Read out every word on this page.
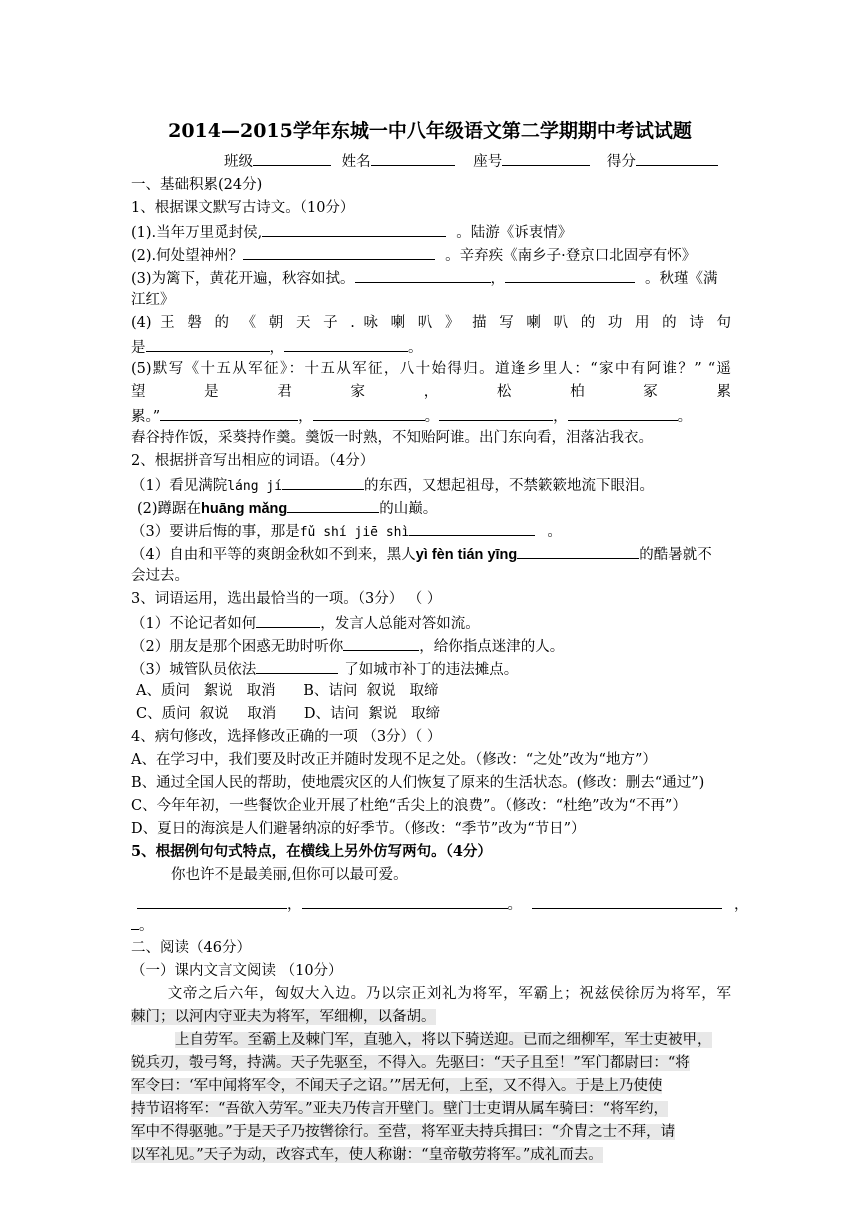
2014—2015学年东城一中八年级语文第二学期期中考试试题
班级	姓名	座号	得分
一、基础积累(24分)
1、根据课文默写古诗文。（10分）
(1).当年万里觅封侯,	。陆游《诉衷情》
(2).何处望神州？	。辛弃疾《南乡子·登京口北固亭有怀》
(3)为篱下，黄花开遍，秋容如拭。	，	。秋瑾《满
江红》
(4) 王 磐 的 《 朝 天 子 . 咏 喇 叭 》 描 写 喇 叭 的 功 用 的 诗 句
是	，	。
(5)默写《十五从军征》：十五从军征，八十始得归。道逢乡里人：“家中有阿谁？” “遥
望 是 君 家 ， 松 柏 冢 累
累。”	，	。	，	。
舂谷持作饭，采葵持作羹。羹饭一时熟，不知贻阿谁。出门东向看，泪落沾我衣。
2、根据拼音写出相应的词语。（4分）
（1）看见满院láng jí	的东西，又想起祖母，不禁簌簌地流下眼泪。
(2)蹲踞在huāng mǎng	的山巅。
（3）要讲后悔的事，那是fǔ shí jiē shì	。
（4）自由和平等的爽朗金秋如不到来，黑人yì fèn tián yīng	的酷暑就不
会过去。
3、词语运用，选出最恰当的一项。（3分） （ ）
（1）不论记者如何	，发言人总能对答如流。
（2）朋友是那个困惑无助时听你	，给你指点迷津的人。
（3）城管队员依法	了如城市补丁的违法摊点。
A、质问   絮说   取消      B、诘问  叙说   取缔
C、质问  叙说    取消      D、诘问  絮说   取缔
4、病句修改，选择修改正确的一项 （3分）（ ）
A、在学习中，我们要及时改正并随时发现不足之处。（修改：“之处”改为“地方”）
B、通过全国人民的帮助，使地震灾区的人们恢复了原来的生活状态。(修改：删去“通过”)
C、今年年初，一些餐饮企业开展了杜绝“舌尖上的浪费”。（修改：“杜绝”改为“不再”）
D、夏日的海滨是人们避暑纳凉的好季节。（修改：“季节”改为“节日”）
5、根据例句句式特点，在横线上另外仿写两句。（4分）
你也许不是最美丽,但你可以最可爱。
，	。	，
。
二、阅读（46分）
（一）课内文言文阅读 （10分）
文帝之后六年，匈奴大入边。乃以宗正刘礼为将军，军霸上；祝兹侯徐厉为将军，军
棘门；以河内守亚夫为将军，军细柳，以备胡。
上自劳军。至霸上及棘门军，直驰入，将以下骑送迎。已而之细柳军，军士吏被甲，
锐兵刃，彀弓弩，持满。天子先驱至，不得入。先驱曰：“天子且至！”军门都尉曰：“将
军令曰：‘军中闻将军令，不闻天子之诏。’”居无何，上至，又不得入。于是上乃使使
持节诏将军：“吾欲入劳军。”亚夫乃传言开壁门。壁门士吏谓从属车骑曰：“将军约，
军中不得驱驰。”于是天子乃按辔徐行。至营，将军亚夫持兵揖曰：“介胄之士不拜，请
以军礼见。”天子为动，改容式车，使人称谢：“皇帝敬劳将军。”成礼而去。
